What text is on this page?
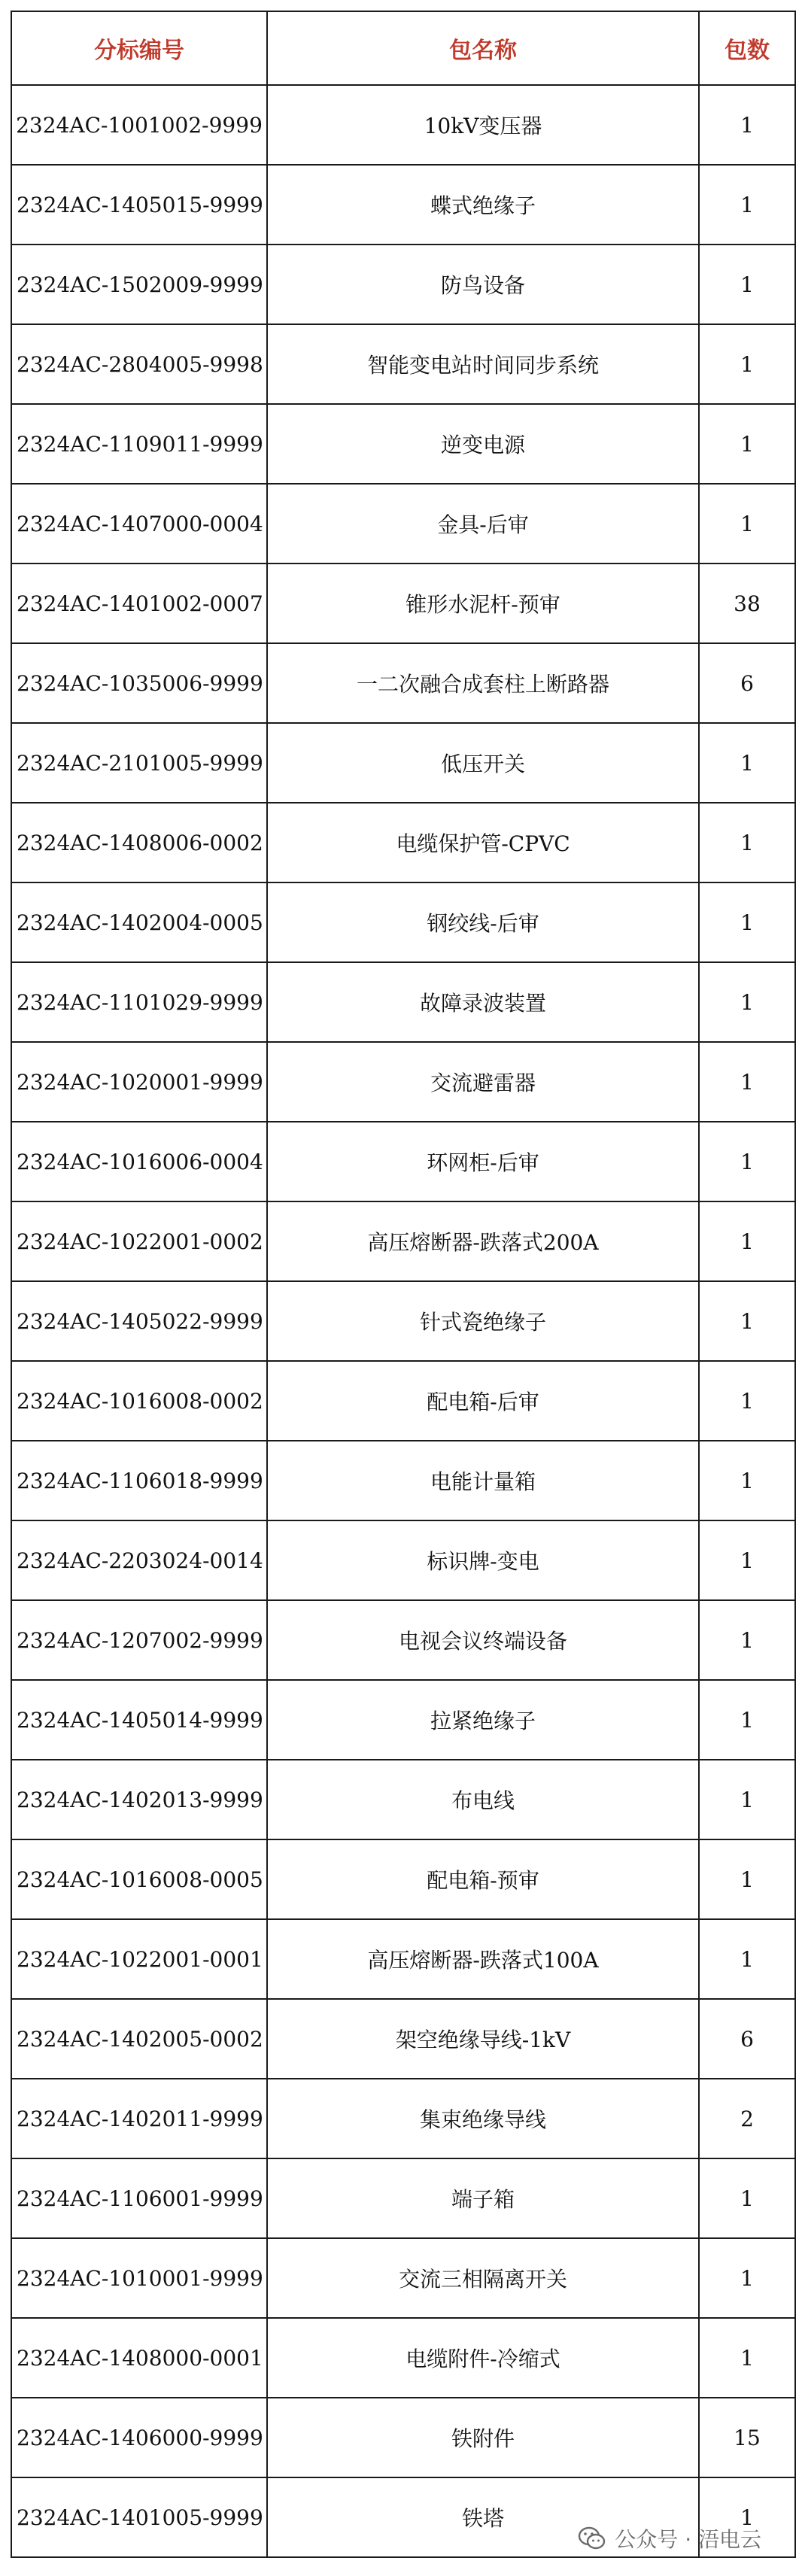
分标编号	包名称	包数
2324AC-1001002-9999	10kV变压器	1
2324AC-1405015-9999	蝶式绝缘子	1
2324AC-1502009-9999	防鸟设备	1
2324AC-2804005-9998	智能变电站时间同步系统	1
2324AC-1109011-9999	逆变电源	1
2324AC-1407000-0004	金具-后审	1
2324AC-1401002-0007	锥形水泥杆-预审	38
2324AC-1035006-9999	一二次融合成套柱上断路器	6
2324AC-2101005-9999	低压开关	1
2324AC-1408006-0002	电缆保护管-CPVC	1
2324AC-1402004-0005	钢绞线-后审	1
2324AC-1101029-9999	故障录波装置	1
2324AC-1020001-9999	交流避雷器	1
2324AC-1016006-0004	环网柜-后审	1
2324AC-1022001-0002	高压熔断器-跌落式200A	1
2324AC-1405022-9999	针式瓷绝缘子	1
2324AC-1016008-0002	配电箱-后审	1
2324AC-1106018-9999	电能计量箱	1
2324AC-2203024-0014	标识牌-变电	1
2324AC-1207002-9999	电视会议终端设备	1
2324AC-1405014-9999	拉紧绝缘子	1
2324AC-1402013-9999	布电线	1
2324AC-1016008-0005	配电箱-预审	1
2324AC-1022001-0001	高压熔断器-跌落式100A	1
2324AC-1402005-0002	架空绝缘导线-1kV	6
2324AC-1402011-9999	集束绝缘导线	2
2324AC-1106001-9999	端子箱	1
2324AC-1010001-9999	交流三相隔离开关	1
2324AC-1408000-0001	电缆附件-冷缩式	1
2324AC-1406000-9999	铁附件	15
2324AC-1401005-9999	铁塔	1
公众号 · 浯电云
